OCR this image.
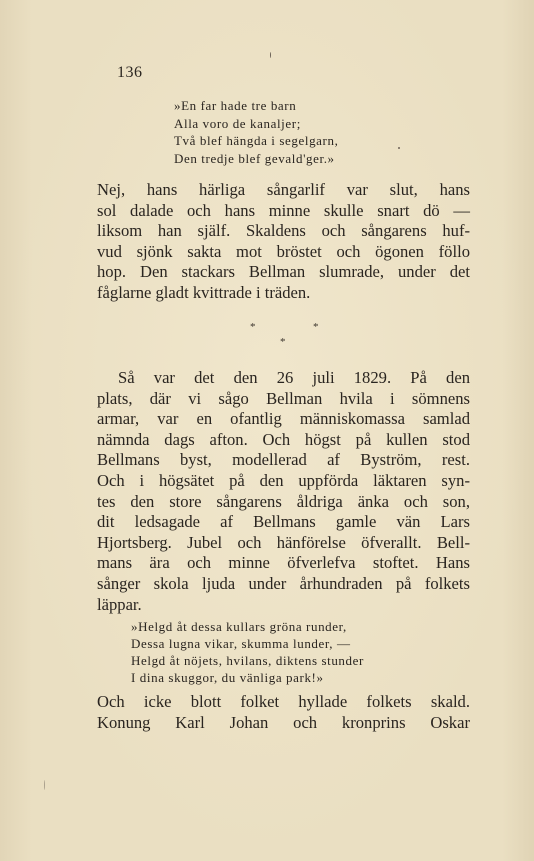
136
»En far hade tre barn
Alla voro de kanaljer;
Två blef hängda i segelgarn,
Den tredje blef gevald'ger.»
Nej, hans härliga sångarlif var slut, hans
sol dalade och hans minne skulle snart dö —
liksom han själf. Skaldens och sångarens huf-
vud sjönk sakta mot bröstet och ögonen föllo
hop. Den stackars Bellman slumrade, under det
fåglarne gladt kvittrade i träden.
*	*
*
Så var det den 26 juli 1829. På den
plats, där vi sågo Bellman hvila i sömnens
armar, var en ofantlig människomassa samlad
nämnda dags afton. Och högst på kullen stod
Bellmans byst, modellerad af Byström, rest.
Och i högsätet på den uppförda läktaren syn-
tes den store sångarens åldriga änka och son,
dit ledsagade af Bellmans gamle vän Lars
Hjortsberg. Jubel och hänförelse öfverallt. Bell-
mans ära och minne öfverlefva stoftet. Hans
sånger skola ljuda under århundraden på folkets
läppar.
»Helgd åt dessa kullars gröna runder,
Dessa lugna vikar, skumma lunder, —
Helgd åt nöjets, hvilans, diktens stunder
I dina skuggor, du vänliga park!»
Och icke blott folket hyllade folkets skald.
Konung Karl Johan och kronprins Oskar
